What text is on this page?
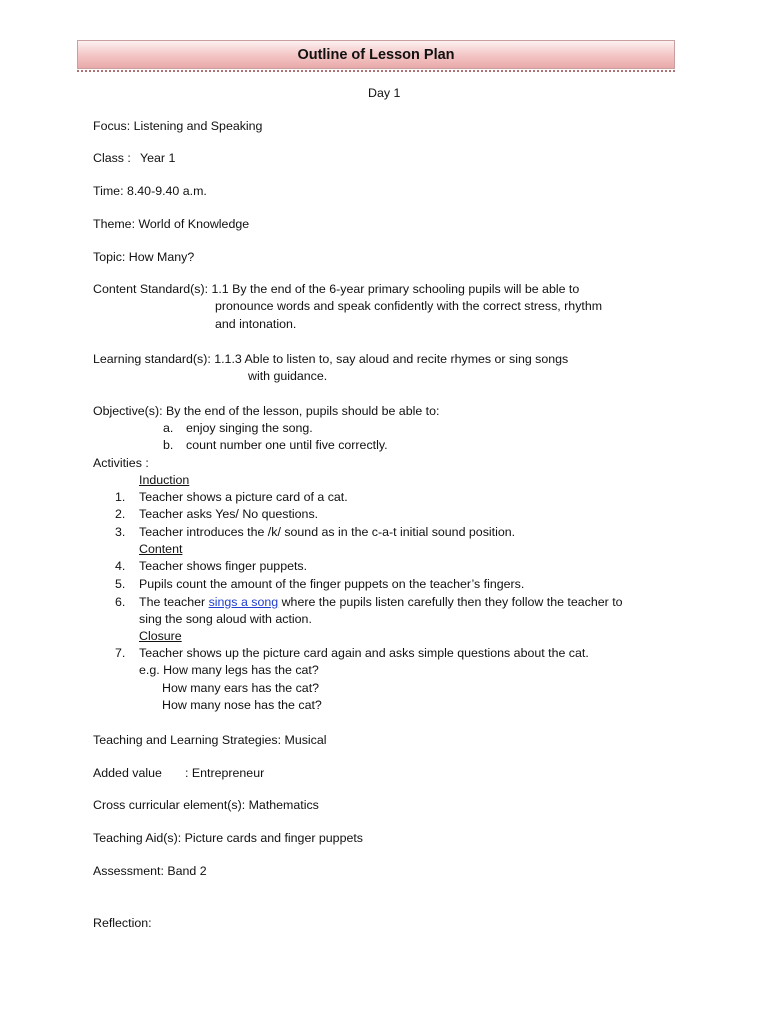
Outline of Lesson Plan
Day 1
Focus: Listening and Speaking
Class : Year 1
Time: 8.40-9.40 a.m.
Theme: World of Knowledge
Topic: How Many?
Content Standard(s): 1.1 By the end of the 6-year primary schooling pupils will be able to
pronounce words and speak confidently with the correct stress, rhythm
and intonation.
Learning standard(s): 1.1.3 Able to listen to, say aloud and recite rhymes or sing songs
with guidance.
Objective(s): By the end of the lesson, pupils should be able to:
a. enjoy singing the song.
b. count number one until five correctly.
Activities :
Induction
1. Teacher shows a picture card of a cat.
2. Teacher asks Yes/ No questions.
3. Teacher introduces the /k/ sound as in the c-a-t initial sound position.
Content
4. Teacher shows finger puppets.
5. Pupils count the amount of the finger puppets on the teacher’s fingers.
6. The teacher sings a song where the pupils listen carefully then they follow the teacher to
sing the song aloud with action.
Closure
7. Teacher shows up the picture card again and asks simple questions about the cat.
e.g. How many legs has the cat?
How many ears has the cat?
How many nose has the cat?
Teaching and Learning Strategies: Musical
Added value : Entrepreneur
Cross curricular element(s): Mathematics
Teaching Aid(s): Picture cards and finger puppets
Assessment: Band 2
Reflection:
